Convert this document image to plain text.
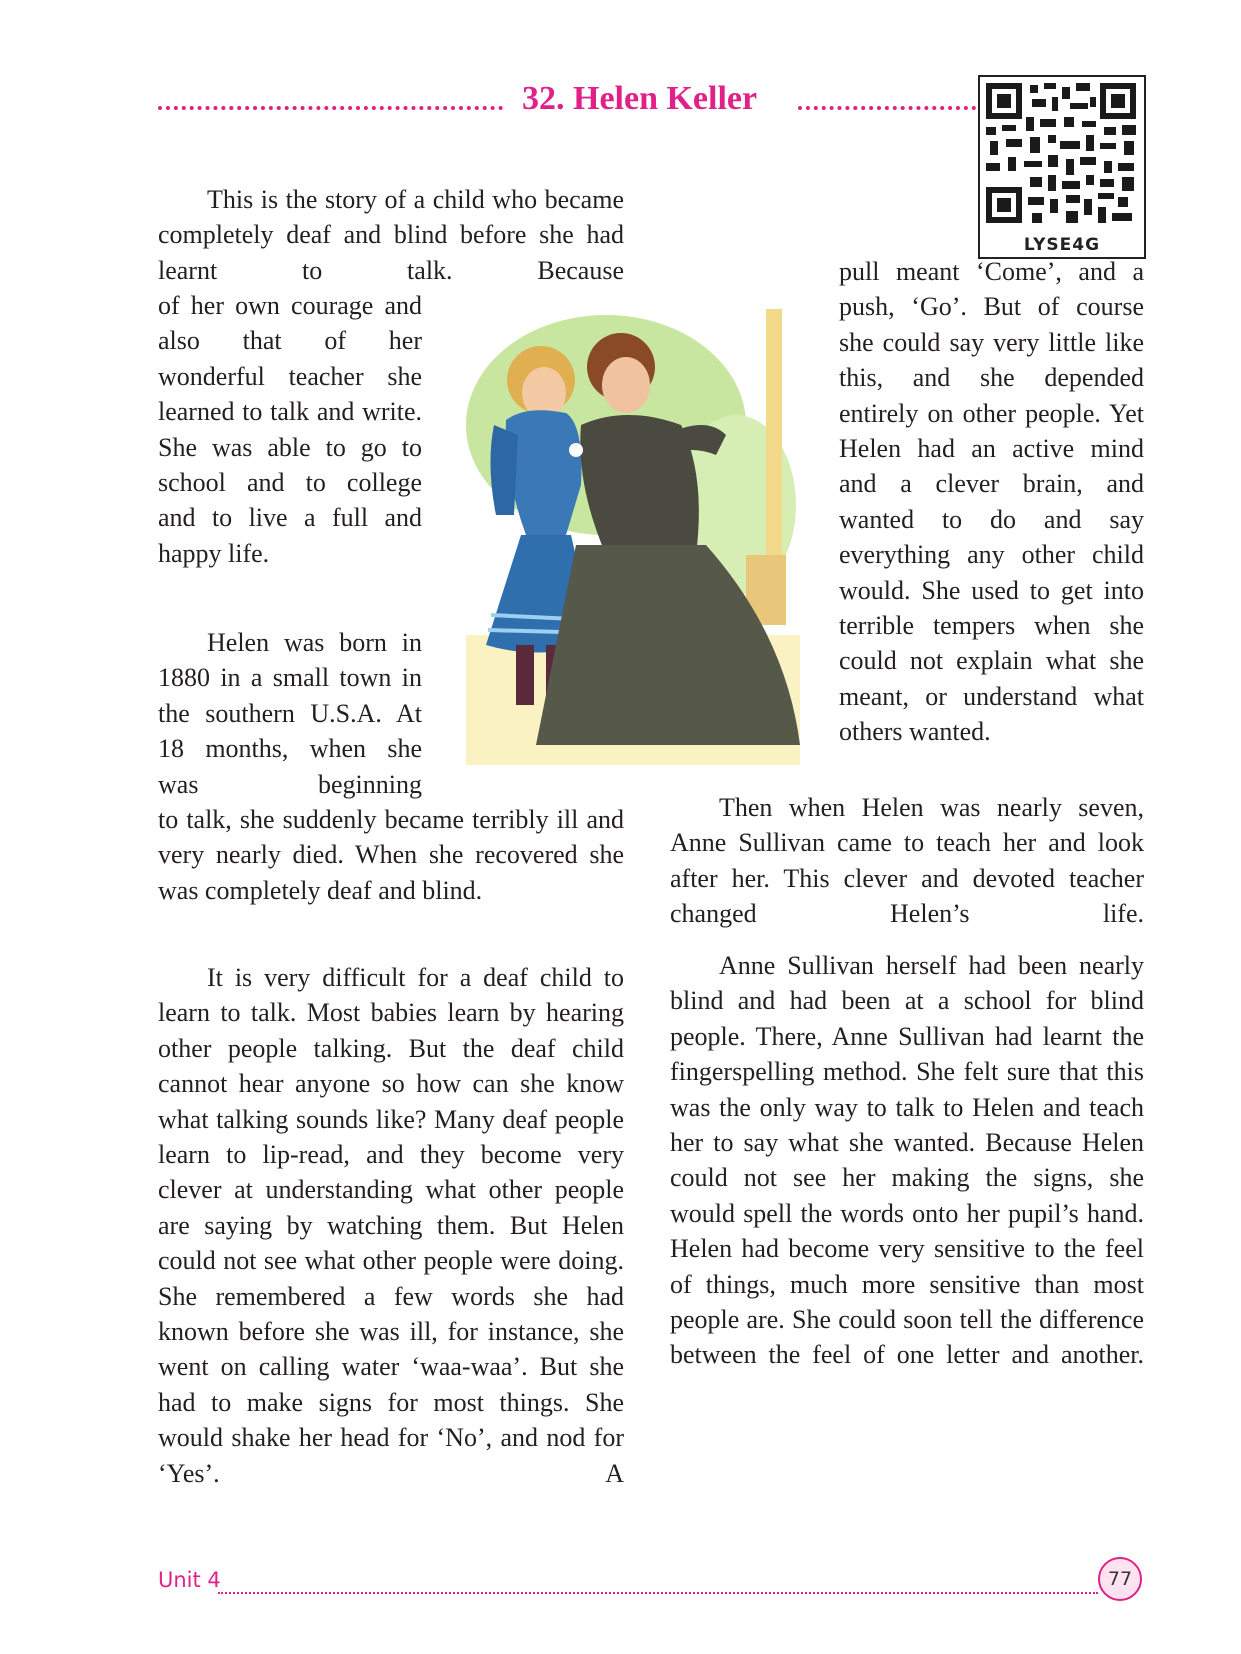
32. Helen Keller
LYSE4G
This is the story of a child who became completely deaf and blind before she had learnt to talk. Because
of her own courage and also that of her wonderful teacher she learned to talk and write. She was able to go to school and to college and to live a full and happy life.
Helen was born in 1880 in a small town in the southern U.S.A. At 18 months, when she was beginning
to talk, she suddenly became terribly ill and very nearly died. When she recovered she was completely deaf and blind.
It is very difficult for a deaf child to learn to talk. Most babies learn by hearing other people talking. But the deaf child cannot hear anyone so how can she know what talking sounds like? Many deaf people learn to lip-read, and they become very clever at understanding what other people are saying by watching them. But Helen could not see what other people were doing. She remembered a few words she had known before she was ill, for instance, she went on calling water ‘waa-waa’. But she had to make signs for most things. She would shake her head for ‘No’, and nod for ‘Yes’. A
pull meant ‘Come’, and a push, ‘Go’. But of course she could say very little like this, and she depended entirely on other people. Yet Helen had an active mind and a clever brain, and wanted to do and say everything any other child would. She used to get into terrible tempers when she could not explain what she meant, or understand what others wanted.
Then when Helen was nearly seven, Anne Sullivan came to teach her and look after her. This clever and devoted teacher changed Helen’s life.
Anne Sullivan herself had been nearly blind and had been at a school for blind people. There, Anne Sullivan had learnt the fingerspelling method. She felt sure that this was the only way to talk to Helen and teach her to say what she wanted. Because Helen could not see her making the signs, she would spell the words onto her pupil’s hand. Helen had become very sensitive to the feel of things, much more sensitive than most people are. She could soon tell the difference between the feel of one letter and another.
Unit 4	77
